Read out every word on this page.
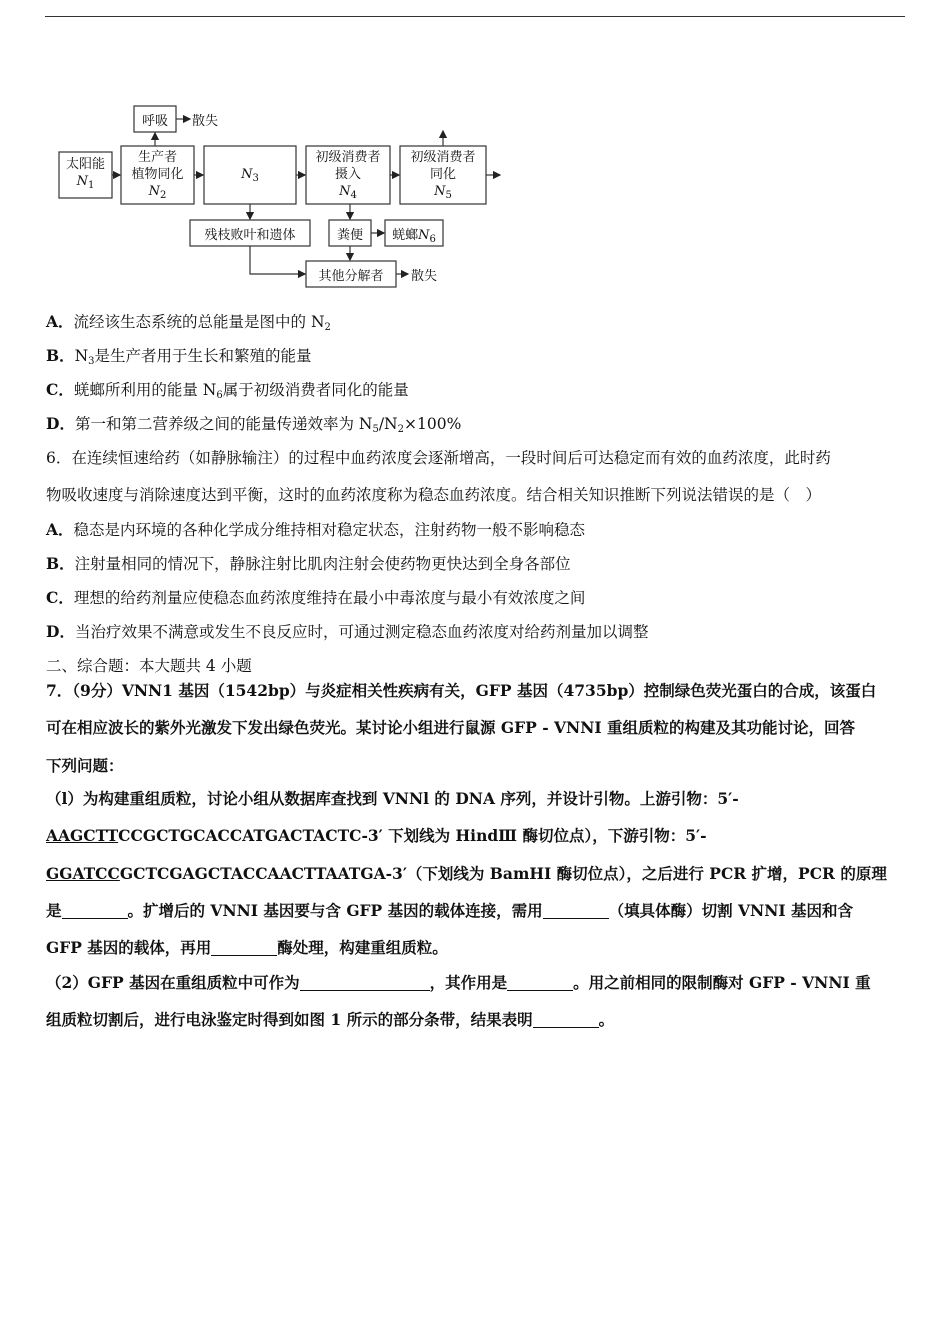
太阳能
$N_1$
呼吸	散失
生产者
植物同化
$N_2$
$N_3$
初级消费者
摄入
$N_4$
初级消费者
同化
$N_5$
残枝败叶和遗体	粪便	蜣螂$N_6$
其他分解者	散失
A．流经该生态系统的总能量是图中的 $N_2$
B．$N_3$是生产者用于生长和繁殖的能量
C．蜣螂所利用的能量 $N_6$属于初级消费者同化的能量
D．第一和第二营养级之间的能量传递效率为 $N_5/N_2\times 100\%$
6．在连续恒速给药（如静脉输注）的过程中血药浓度会逐渐增高，一段时间后可达稳定而有效的血药浓度，此时药
物吸收速度与消除速度达到平衡，这时的血药浓度称为稳态血药浓度。结合相关知识推断下列说法错误的是（　）
A．稳态是内环境的各种化学成分维持相对稳定状态，注射药物一般不影响稳态
B．注射量相同的情况下，静脉注射比肌肉注射会使药物更快达到全身各部位
C．理想的给药剂量应使稳态血药浓度维持在最小中毒浓度与最小有效浓度之间
D．当治疗效果不满意或发生不良反应时，可通过测定稳态血药浓度对给药剂量加以调整
二、综合题：本大题共 4 小题
7．（9分）VNN1 基因（1542bp）与炎症相关性疾病有关，GFP 基因（4735bp）控制绿色荧光蛋白的合成，该蛋白
可在相应波长的紫外光激发下发出绿色荧光。某讨论小组进行鼠源 GFP - VNNI 重组质粒的构建及其功能讨论，回答
下列问题：
（l）为构建重组质粒，讨论小组从数据库查找到 VNNl 的 DNA 序列，并设计引物。上游引物：5′-
AAGCTTCCGCTGCACCATGACTACTC-3′ 下划线为 HindⅢ 酶切位点），下游引物：5′-
GGATCCGCTCGAGCTACCAACTTAATGA-3′（下划线为 BamHI 酶切位点），之后进行 PCR 扩增，PCR 的原理
是	。扩增后的 VNNI 基因要与含 GFP 基因的载体连接，需用	（填具体酶）切割 VNNI 基因和含
GFP 基因的载体，再用	酶处理，构建重组质粒。
（2）GFP 基因在重组质粒中可作为	，其作用是	。用之前相同的限制酶对 GFP - VNNI 重
组质粒切割后，进行电泳鉴定时得到如图 1 所示的部分条带，结果表明	。
